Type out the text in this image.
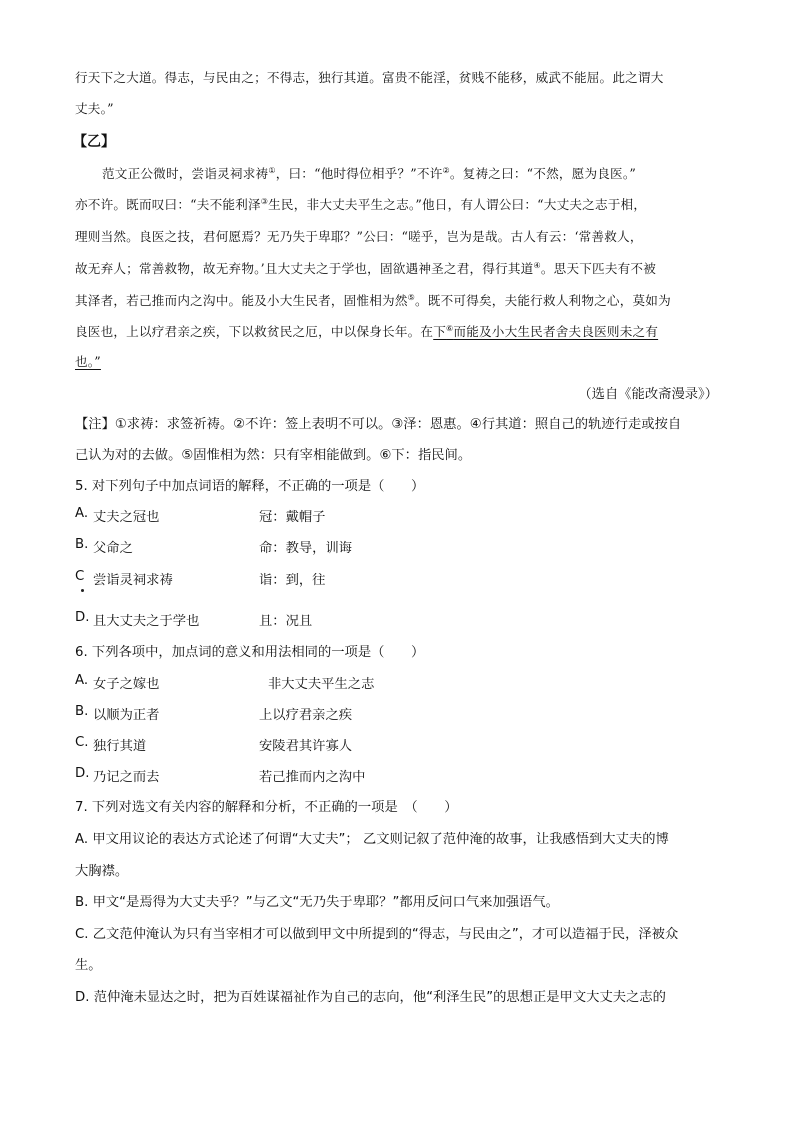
行天下之大道。得志，与民由之；不得志，独行其道。富贵不能淫，贫贱不能移，威武不能屈。此之谓大
丈夫。”
【乙】
范文正公微时，尝诣灵祠求祷①，曰：“他时得位相乎？”不许②。复祷之曰：“不然，愿为良医。”
亦不许。既而叹曰：“夫不能利泽③生民，非大丈夫平生之志。”他日，有人谓公曰：“大丈夫之志于相，
理则当然。良医之技，君何愿焉？无乃失于卑耶？”公曰：“嗟乎，岂为是哉。古人有云：‘常善救人，
故无弃人；常善救物，故无弃物。’且大丈夫之于学也，固欲遇神圣之君，得行其道④。思天下匹夫有不被
其泽者，若己推而内之沟中。能及小大生民者，固惟相为然⑤。既不可得矣，夫能行救人利物之心，莫如为
良医也，上以疗君亲之疾，下以救贫民之厄，中以保身长年。在下⑥而能及小大生民者舍夫良医则未之有
也。”
（选自《能改斋漫录》）
【注】①求祷：求签祈祷。②不许：签上表明不可以。③泽：恩惠。④行其道：照自己的轨迹行走或按自
己认为对的去做。⑤固惟相为然：只有宰相能做到。⑥下：指民间。
5. 对下列句子中加点词语的解释，不正确的一项是（　　）
A. 丈夫之冠也	冠：戴帽子
B. 父命之	命：教导，训诲
C 尝诣灵祠求祷	诣：到，往
D. 且大丈夫之于学也	且：况且
6. 下列各项中，加点词的意义和用法相同的一项是（　　）
A. 女子之嫁也	非大丈夫平生之志
B. 以顺为正者	上以疗君亲之疾
C. 独行其道	安陵君其许寡人
D. 乃记之而去	若己推而内之沟中
7. 下列对选文有关内容的解释和分析，不正确的一项是　（　　）
A. 甲文用议论的表达方式论述了何谓“大丈夫”； 乙文则记叙了范仲淹的故事，让我感悟到大丈夫的博
大胸襟。
B. 甲文“是焉得为大丈夫乎？”与乙文“无乃失于卑耶？”都用反问口气来加强语气。
C. 乙文范仲淹认为只有当宰相才可以做到甲文中所提到的“得志，与民由之”，才可以造福于民，泽被众
生。
D. 范仲淹未显达之时，把为百姓谋福祉作为自己的志向，他“利泽生民”的思想正是甲文大丈夫之志的
